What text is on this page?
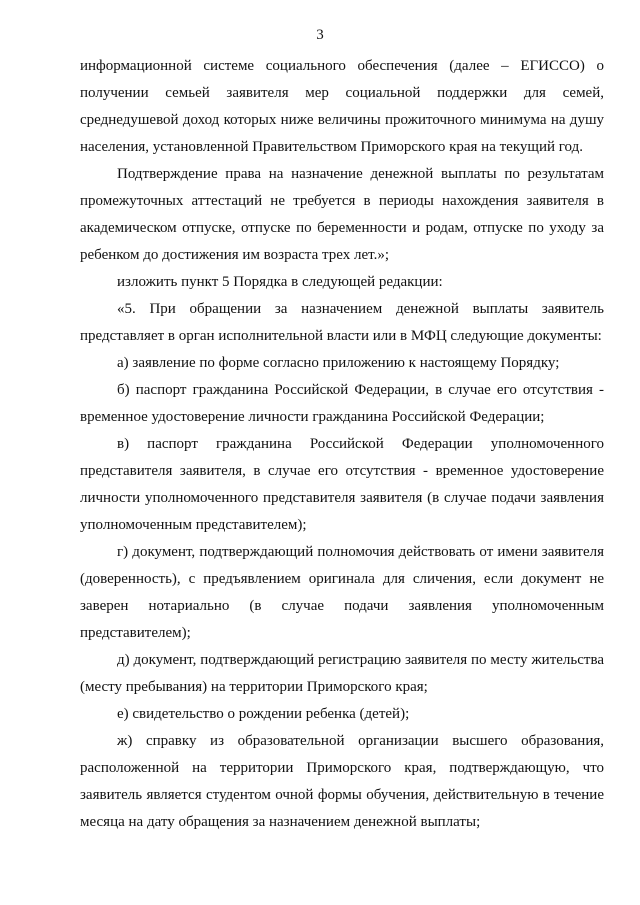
3

информационной системе социального обеспечения (далее – ЕГИССО) о получении семьей заявителя мер социальной поддержки для семей, среднедушевой доход которых ниже величины прожиточного минимума на душу населения, установленной Правительством Приморского края на текущий год.

Подтверждение права на назначение денежной выплаты по результатам промежуточных аттестаций не требуется в периоды нахождения заявителя в академическом отпуске, отпуске по беременности и родам, отпуске по уходу за ребенком до достижения им возраста трех лет.»;

изложить пункт 5 Порядка в следующей редакции:

«5. При обращении за назначением денежной выплаты заявитель представляет в орган исполнительной власти или в МФЦ следующие документы:

а) заявление по форме согласно приложению к настоящему Порядку;

б) паспорт гражданина Российской Федерации, в случае его отсутствия - временное удостоверение личности гражданина Российской Федерации;

в) паспорт гражданина Российской Федерации уполномоченного представителя заявителя, в случае его отсутствия - временное удостоверение личности уполномоченного представителя заявителя (в случае подачи заявления уполномоченным представителем);

г) документ, подтверждающий полномочия действовать от имени заявителя (доверенность), с предъявлением оригинала для сличения, если документ не заверен нотариально (в случае подачи заявления уполномоченным представителем);

д) документ, подтверждающий регистрацию заявителя по месту жительства (месту пребывания) на территории Приморского края;

е) свидетельство о рождении ребенка (детей);

ж) справку из образовательной организации высшего образования, расположенной на территории Приморского края, подтверждающую, что заявитель является студентом очной формы обучения, действительную в течение месяца на дату обращения за назначением денежной выплаты;
